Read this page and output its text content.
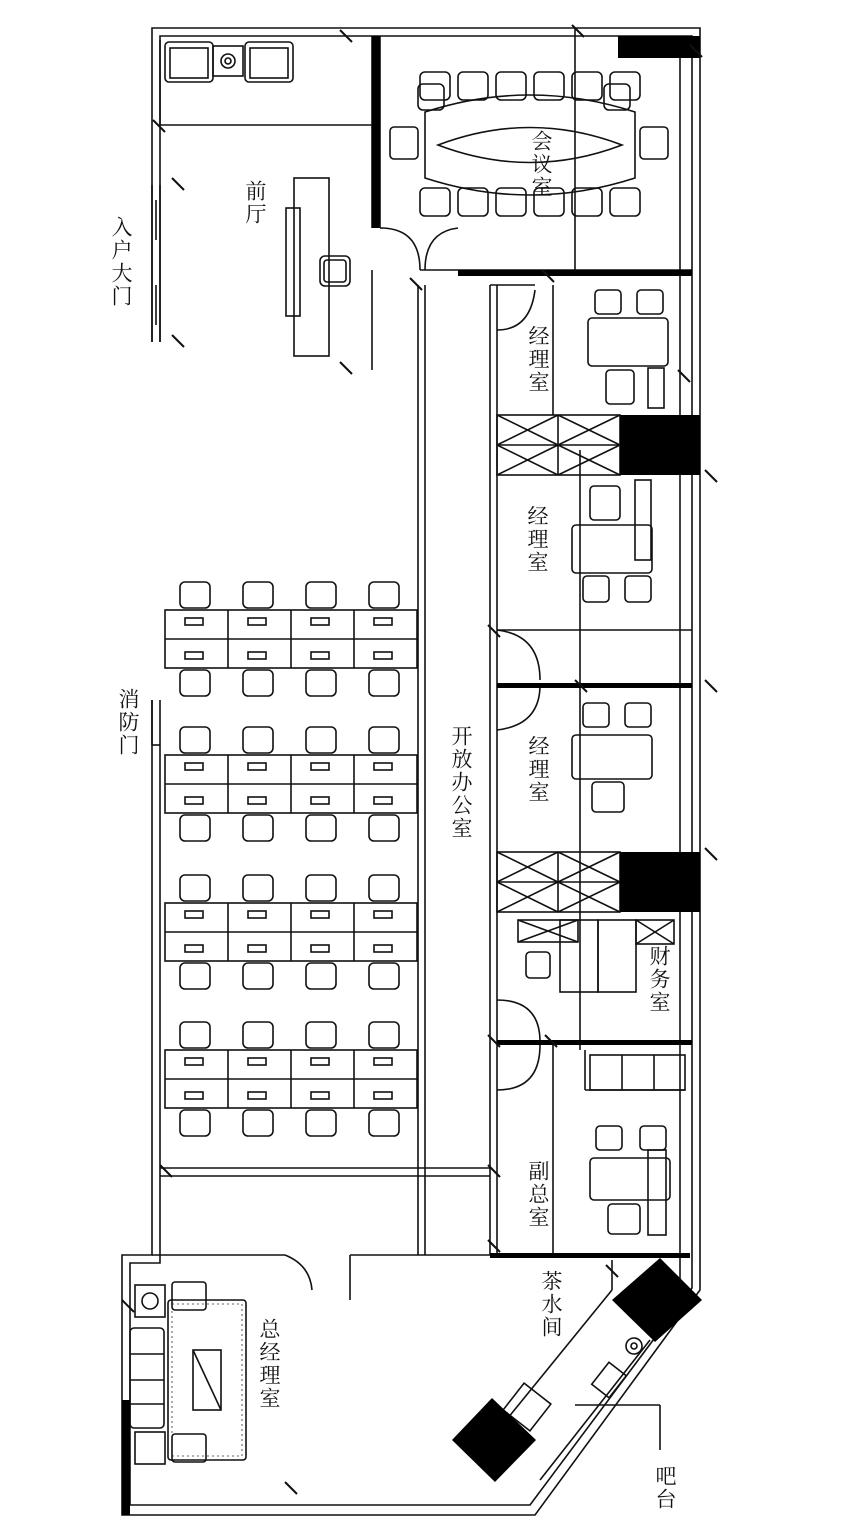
会议室
前厅
入户大门
经理室
经理室
经理室
开放办公室
消防门
财务室
副总室
茶水间
总经理室
吧台
